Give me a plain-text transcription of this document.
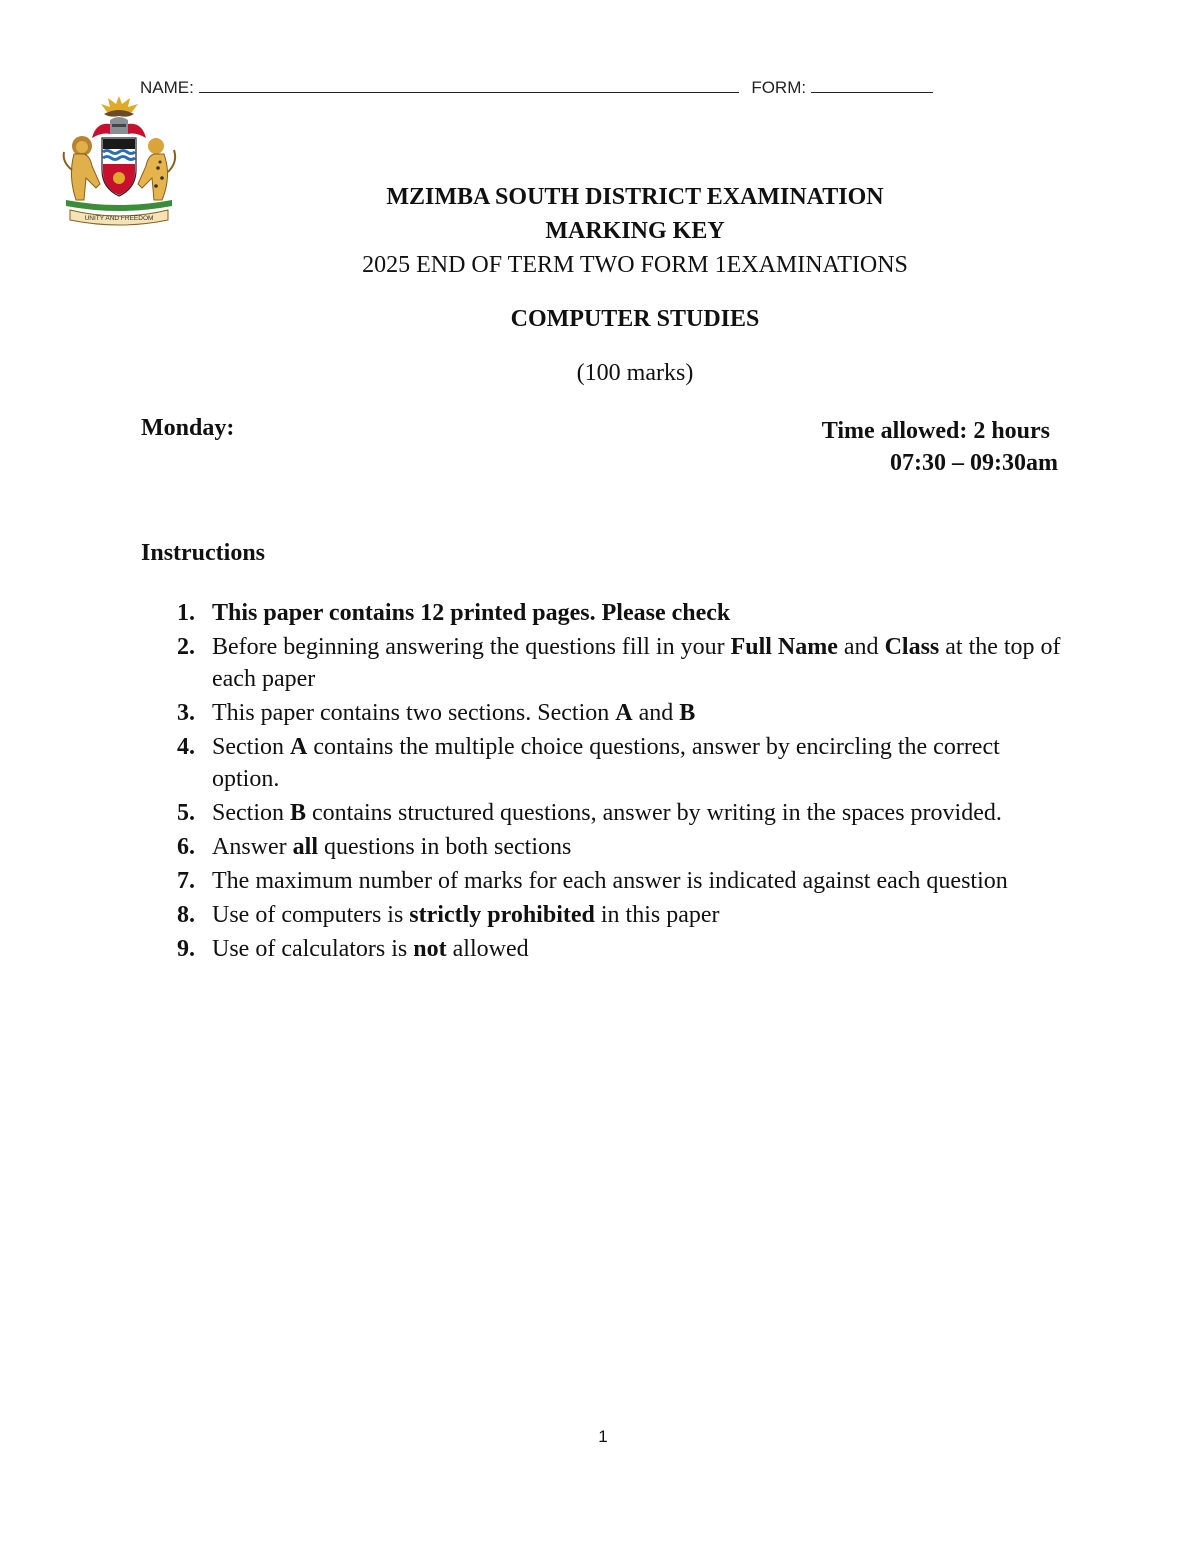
NAME:	FORM:
UNITY AND FREEDOM
MZIMBA SOUTH DISTRICT EXAMINATION
MARKING KEY
2025 END OF TERM TWO FORM 1EXAMINATIONS
COMPUTER STUDIES
(100 marks)
Monday:	Time allowed: 2 hours
07:30 – 09:30am
Instructions
1. This paper contains 12 printed pages. Please check
2. Before beginning answering the questions fill in your Full Name and Class at the top of each paper
3. This paper contains two sections. Section A and B
4. Section A contains the multiple choice questions, answer by encircling the correct option.
5. Section B contains structured questions, answer by writing in the spaces provided.
6. Answer all questions in both sections
7. The maximum number of marks for each answer is indicated against each question
8. Use of computers is strictly prohibited in this paper
9. Use of calculators is not allowed
1
